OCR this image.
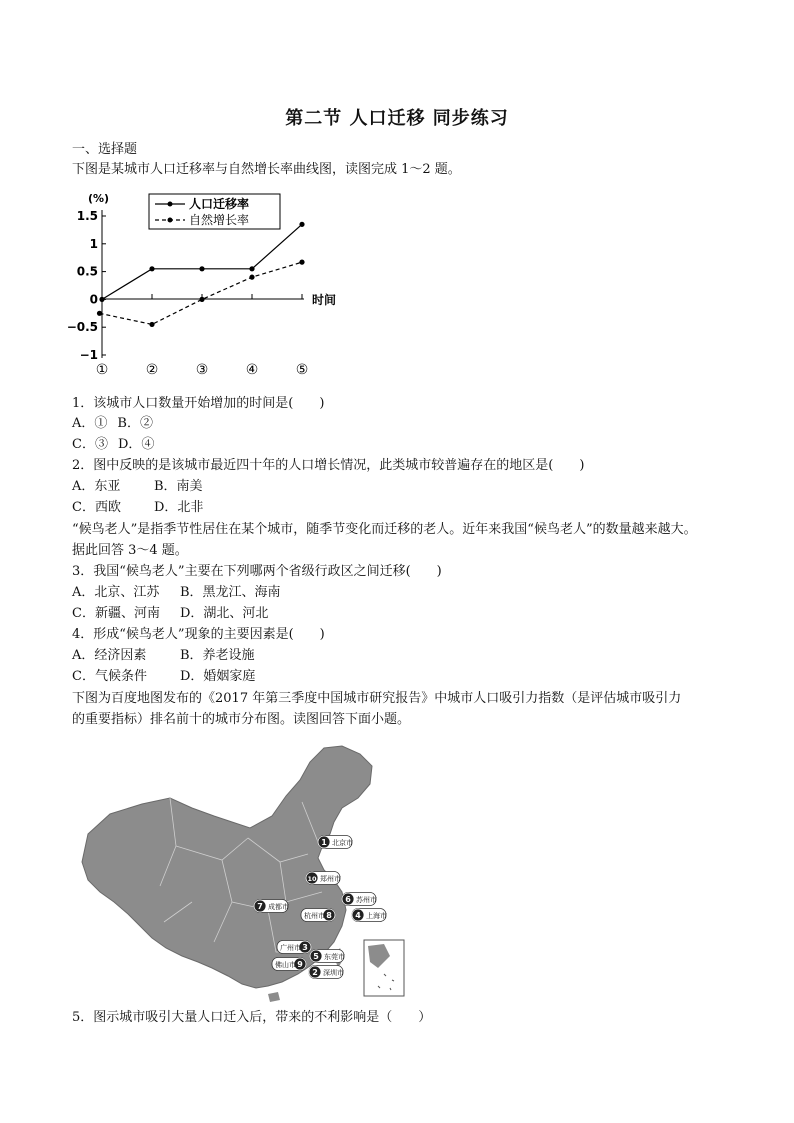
第二节 人口迁移 同步练习

一、选择题

下图是某城市人口迁移率与自然增长率曲线图，读图完成 1～2 题。

(%)
时间
1.5
1
0.5
0
−0.5
−1
①	②	③	④	⑤
人口迁移率
自然增长率

1．该城市人口数量开始增加的时间是(　　)

A．① B．②

C．③ D．④

2．图中反映的是该城市最近四十年的人口增长情况，此类城市较普遍存在的地区是(　　)

A．东亚	B．南美

C．西欧	D．北非

“候鸟老人”是指季节性居住在某个城市，随季节变化而迁移的老人。近年来我国“候鸟老人”的数量越来越大。

据此回答 3～4 题。

3．我国“候鸟老人”主要在下列哪两个省级行政区之间迁移(　　)

A．北京、江苏 B．黑龙江、海南

C．新疆、河南 D．湖北、河北

4．形成“候鸟老人”现象的主要因素是(　　)

A．经济因素	B．养老设施

C．气候条件	D．婚姻家庭

下图为百度地图发布的《2017 年第三季度中国城市研究报告》中城市人口吸引力指数（是评估城市吸引力

的重要指标）排名前十的城市分布图。读图回答下面小题。

1 北京市
10 郑州市
6 苏州市
7 成都市
8
杭州市	4 上海市
3
广州市
5 东莞市
9
佛山市
2 深圳市

5．图示城市吸引大量人口迁入后，带来的不利影响是（　　）
